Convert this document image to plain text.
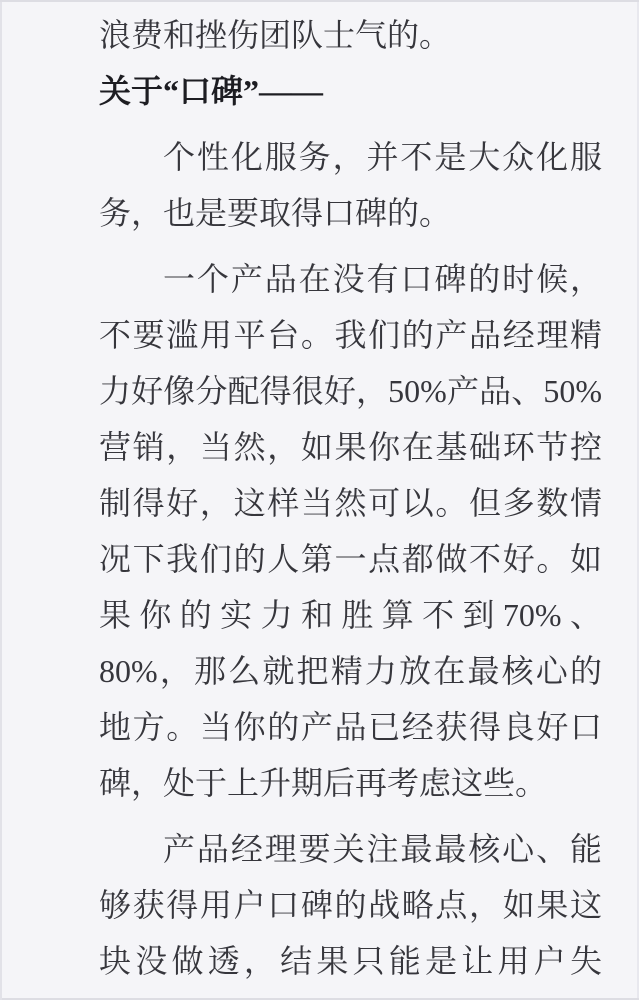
浪费和挫伤团队士气的。
关于“口碑”——
个性化服务，并不是大众化服
务，也是要取得口碑的。
一个产品在没有口碑的时候，
不要滥用平台。我们的产品经理精
力好像分配得很好，50%产品、50%
营销，当然，如果你在基础环节控
制得好，这样当然可以。但多数情
况下我们的人第一点都做不好。如
果你的实力和胜算不到70%、
80%，那么就把精力放在最核心的
地方。当你的产品已经获得良好口
碑，处于上升期后再考虑这些。
产品经理要关注最最核心、能
够获得用户口碑的战略点，如果这
块没做透，结果只能是让用户失
